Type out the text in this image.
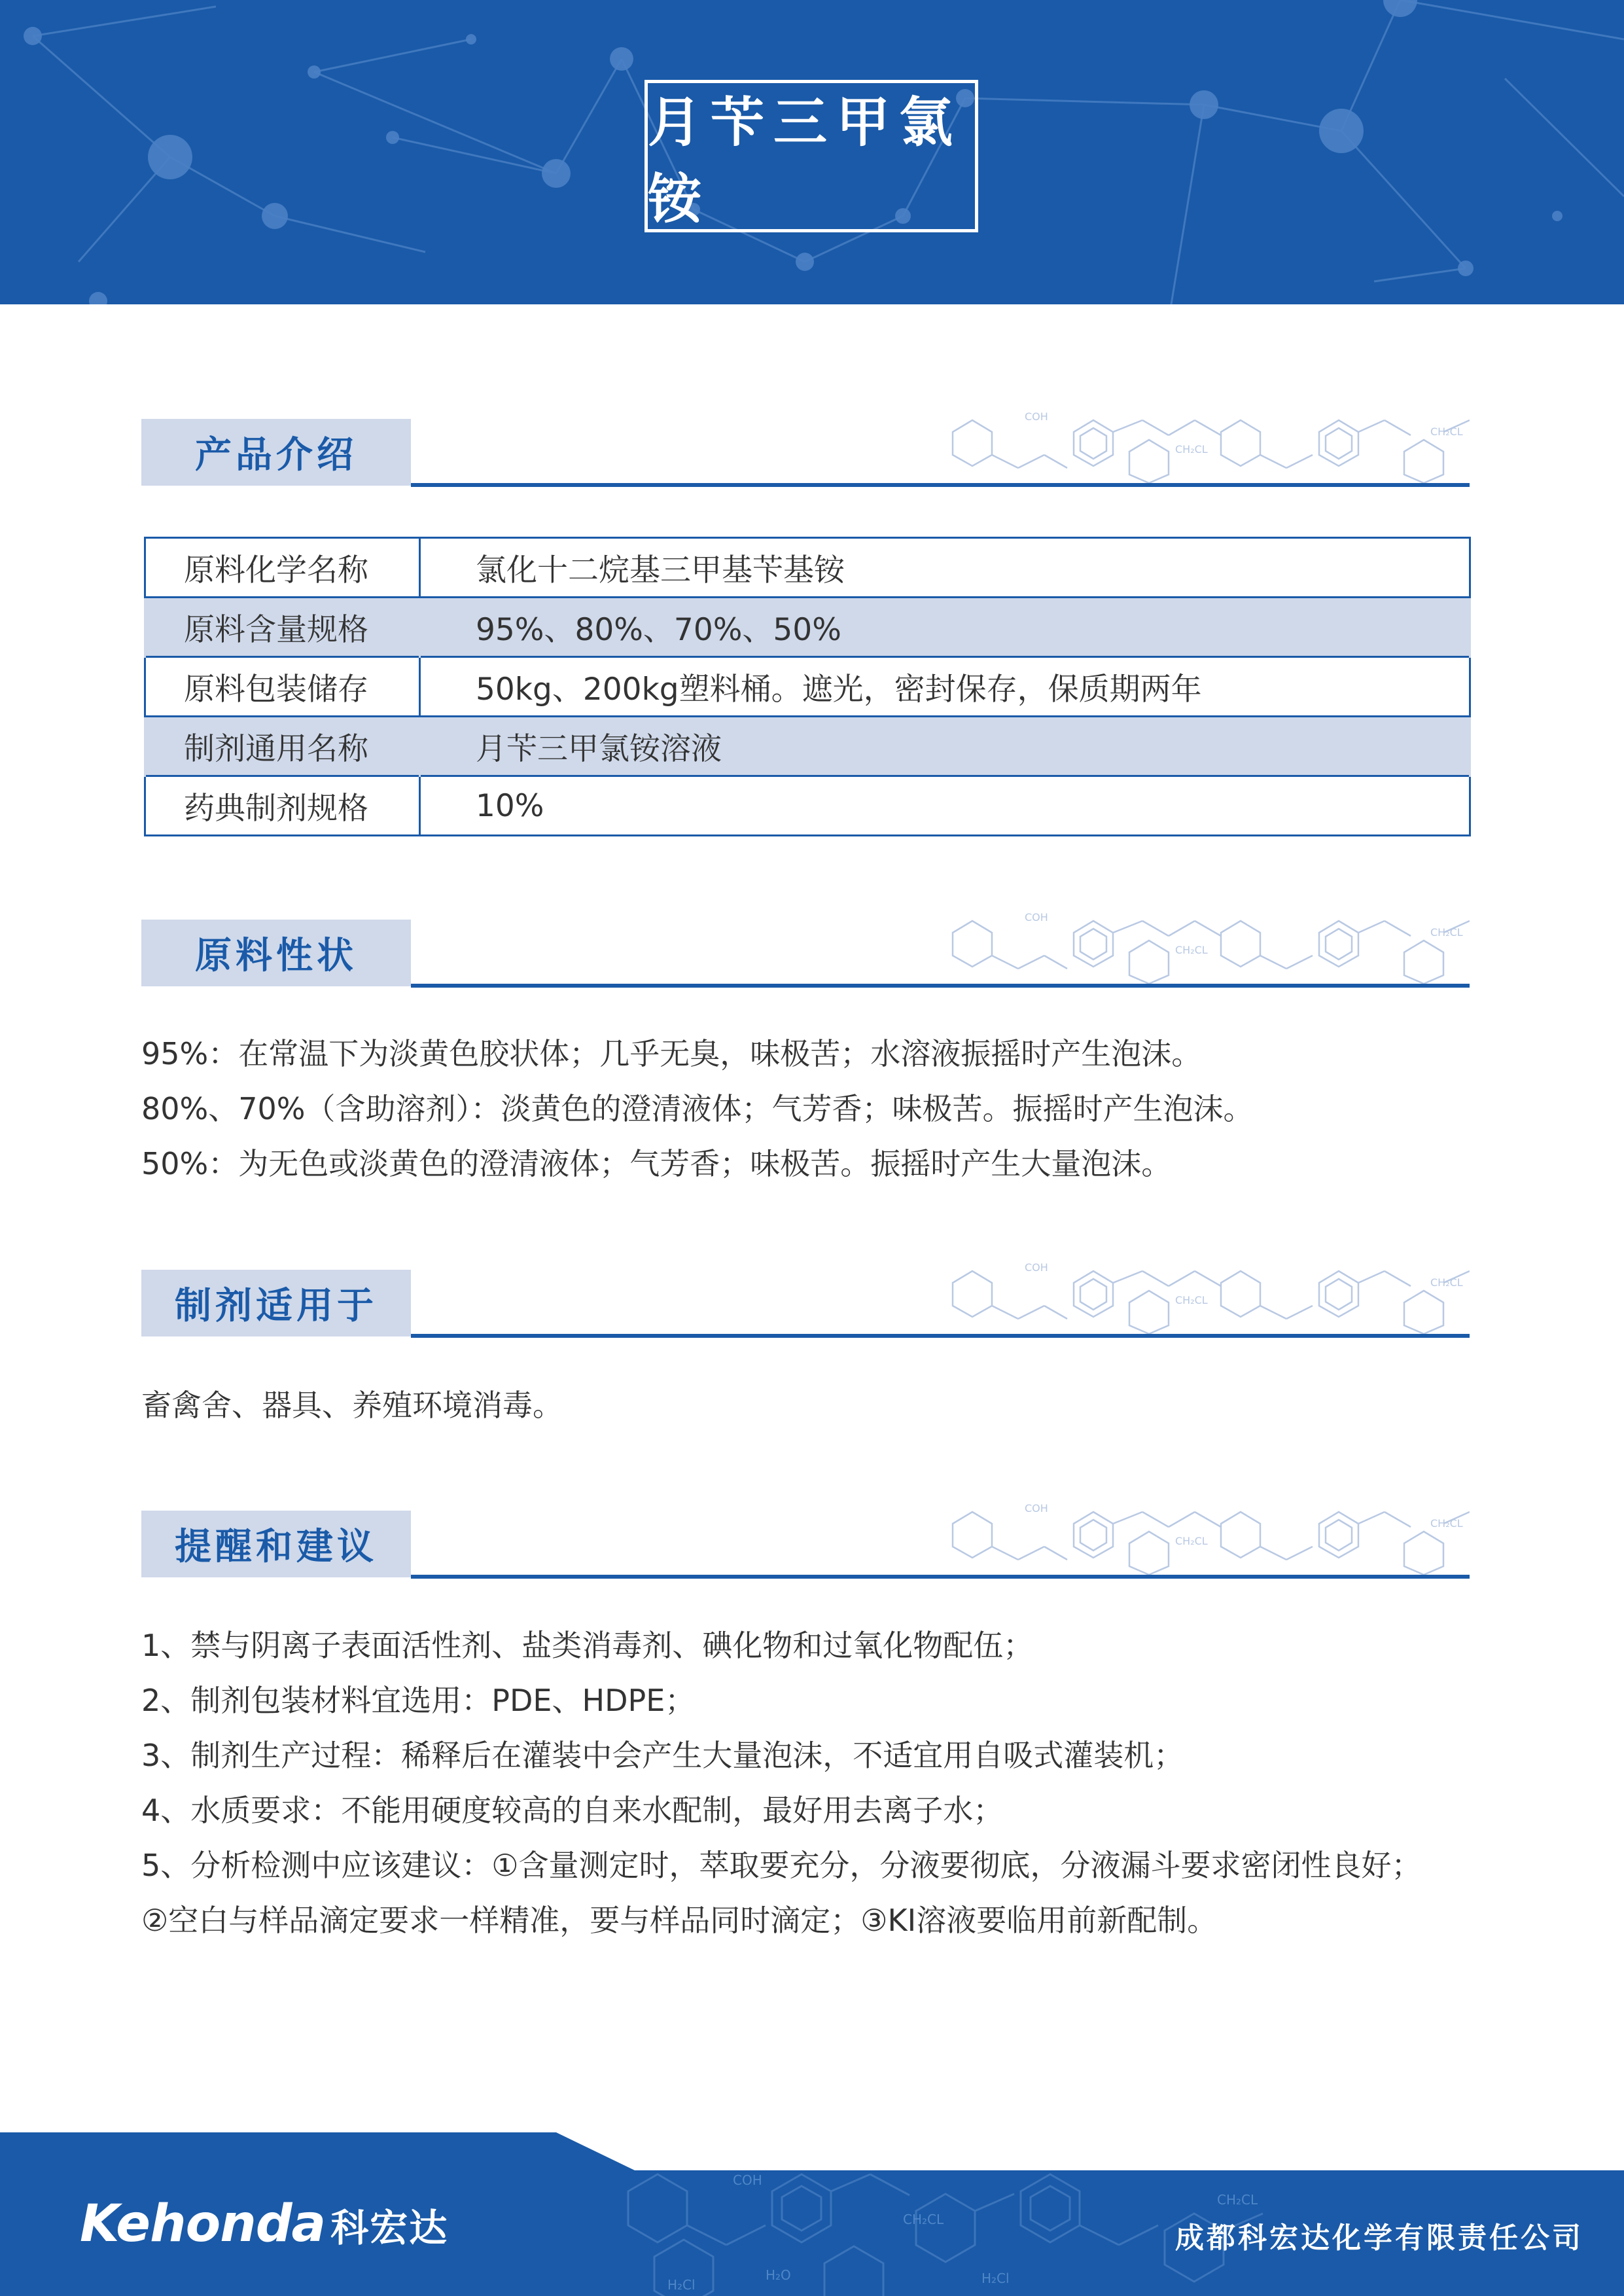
月苄三甲氯铵
产品介绍
COH
CH₂CL
CH₂CL
原料化学名称	氯化十二烷基三甲基苄基铵
原料含量规格	95%、80%、70%、50%
原料包装储存	50kg、200kg塑料桶。遮光，密封保存，保质期两年
制剂通用名称	月苄三甲氯铵溶液
药典制剂规格	10%
原料性状
COH
CH₂CL
CH₂CL

95%：在常温下为淡黄色胶状体；几乎无臭，味极苦；水溶液振摇时产生泡沫。

80%、70%（含助溶剂）：淡黄色的澄清液体；气芳香；味极苦。振摇时产生泡沫。

50%：为无色或淡黄色的澄清液体；气芳香；味极苦。振摇时产生大量泡沫。

制剂适用于
COH
CH₂CL
CH₂CL

畜禽舍、器具、养殖环境消毒。

提醒和建议
COH
CH₂CL
CH₂CL

1、禁与阴离子表面活性剂、盐类消毒剂、碘化物和过氧化物配伍；

2、制剂包装材料宜选用：PDE、HDPE；

3、制剂生产过程：稀释后在灌装中会产生大量泡沫，不适宜用自吸式灌装机；

4、水质要求：不能用硬度较高的自来水配制，最好用去离子水；

5、分析检测中应该建议：①含量测定时，萃取要充分，分液要彻底，分液漏斗要求密闭性良好；

②空白与样品滴定要求一样精准，要与样品同时滴定；③KI溶液要临用前新配制。

COH
CH₂CL
H₂O
H₂Cl
CH₂CL
H₂Cl
Kehonda 科宏达	成都科宏达化学有限责任公司
